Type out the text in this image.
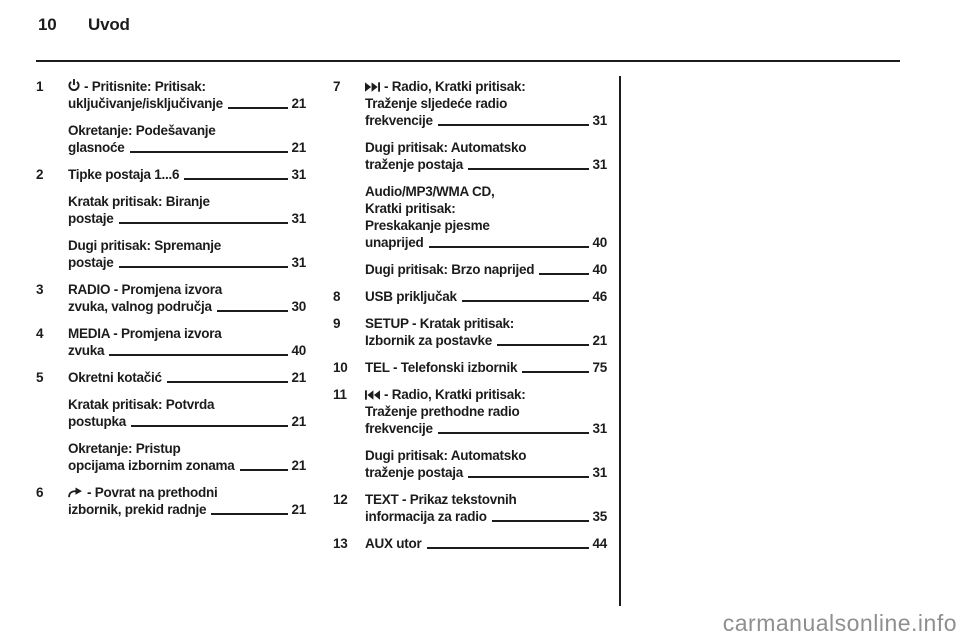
10 Uvod
1	- Pritisnite: Pritisak:
uključivanje/isključivanje	21
Okretanje: Podešavanje
glasnoće	21
2	Tipke postaja 1...6	31
Kratak pritisak: Biranje
postaje	31
Dugi pritisak: Spremanje
postaje	31
3	RADIO - Promjena izvora
zvuka, valnog područja	30
4	MEDIA - Promjena izvora
zvuka	40
5	Okretni kotačić	21
Kratak pritisak: Potvrda
postupka	21
Okretanje: Pristup
opcijama izbornim zonama	21
6	- Povrat na prethodni
izbornik, prekid radnje	21
7	- Radio, Kratki pritisak:
Traženje sljedeće radio
frekvencije	31
Dugi pritisak: Automatsko
traženje postaja	31
Audio/MP3/WMA CD,
Kratki pritisak:
Preskakanje pjesme
unaprijed	40
Dugi pritisak: Brzo naprijed	40
8	USB priključak	46
9	SETUP - Kratak pritisak:
Izbornik za postavke	21
10	TEL - Telefonski izbornik	75
11	- Radio, Kratki pritisak:
Traženje prethodne radio
frekvencije	31
Dugi pritisak: Automatsko
traženje postaja	31
12	TEXT - Prikaz tekstovnih
informacija za radio	35
13	AUX utor	44
carmanualsonline.info
